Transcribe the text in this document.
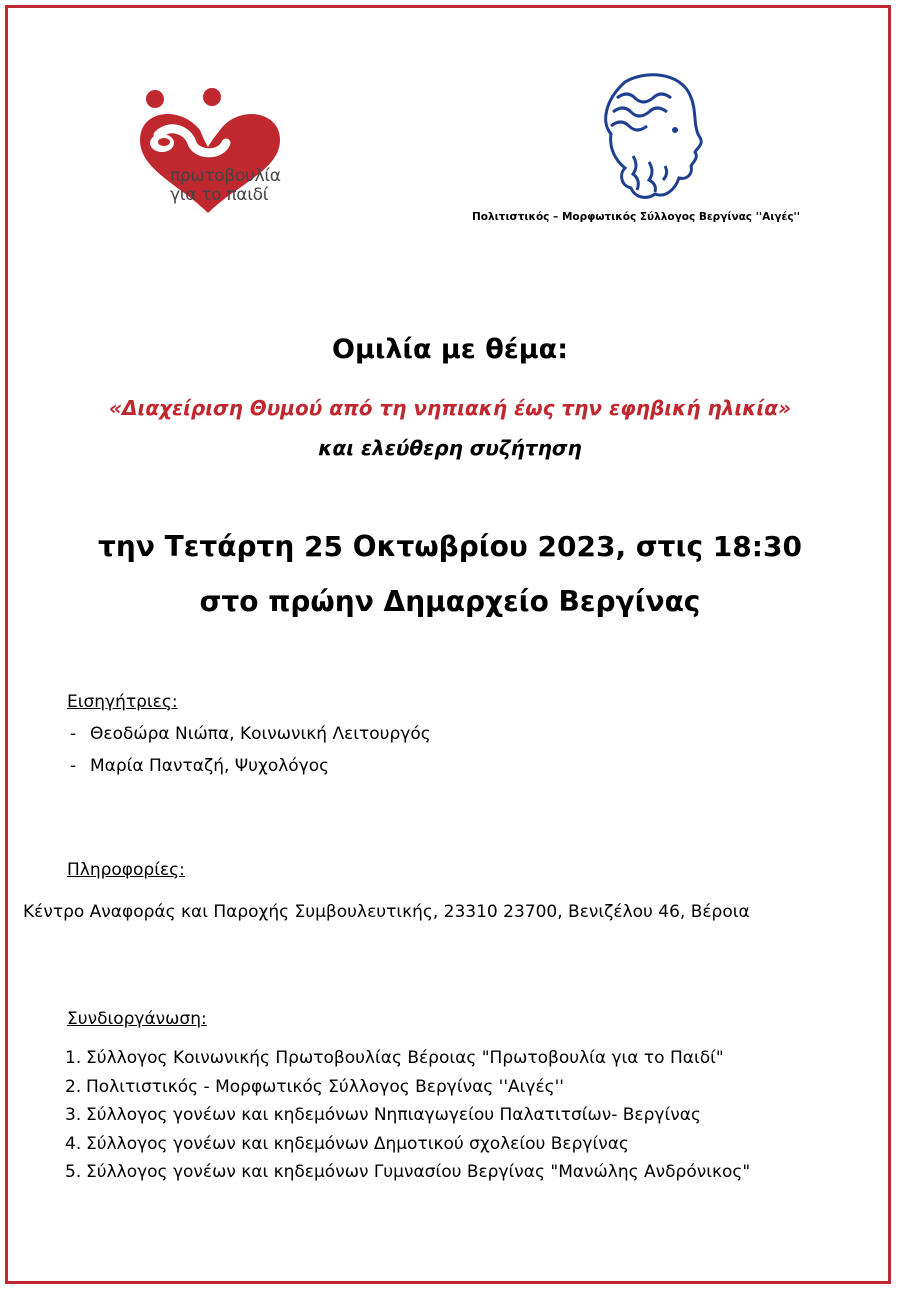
πρωτοβουλία
για το παιδί
Πολιτιστικός – Μορφωτικός Σύλλογος Βεργίνας ''Αιγές''
Ομιλία με θέμα:
«Διαχείριση Θυμού από τη νηπιακή έως την εφηβική ηλικία»
και ελεύθερη συζήτηση
την Τετάρτη 25 Οκτωβρίου 2023, στις 18:30
στο πρώην Δημαρχείο Βεργίνας
Εισηγήτριες:
- Θεοδώρα Νιώπα, Κοινωνική Λειτουργός
- Μαρία Πανταζή, Ψυχολόγος
Πληροφορίες:
Κέντρο Αναφοράς και Παροχής Συμβουλευτικής, 23310 23700, Βενιζέλου 46, Βέροια
Συνδιοργάνωση:
1. Σύλλογος Κοινωνικής Πρωτοβουλίας Βέροιας "Πρωτοβουλία για το Παιδί"
2. Πολιτιστικός - Μορφωτικός Σύλλογος Βεργίνας ''Αιγές''
3. Σύλλογος γονέων και κηδεμόνων Νηπιαγωγείου Παλατιτσίων- Βεργίνας
4. Σύλλογος γονέων και κηδεμόνων Δημοτικού σχολείου Βεργίνας
5. Σύλλογος γονέων και κηδεμόνων Γυμνασίου Βεργίνας "Μανώλης Ανδρόνικος"
